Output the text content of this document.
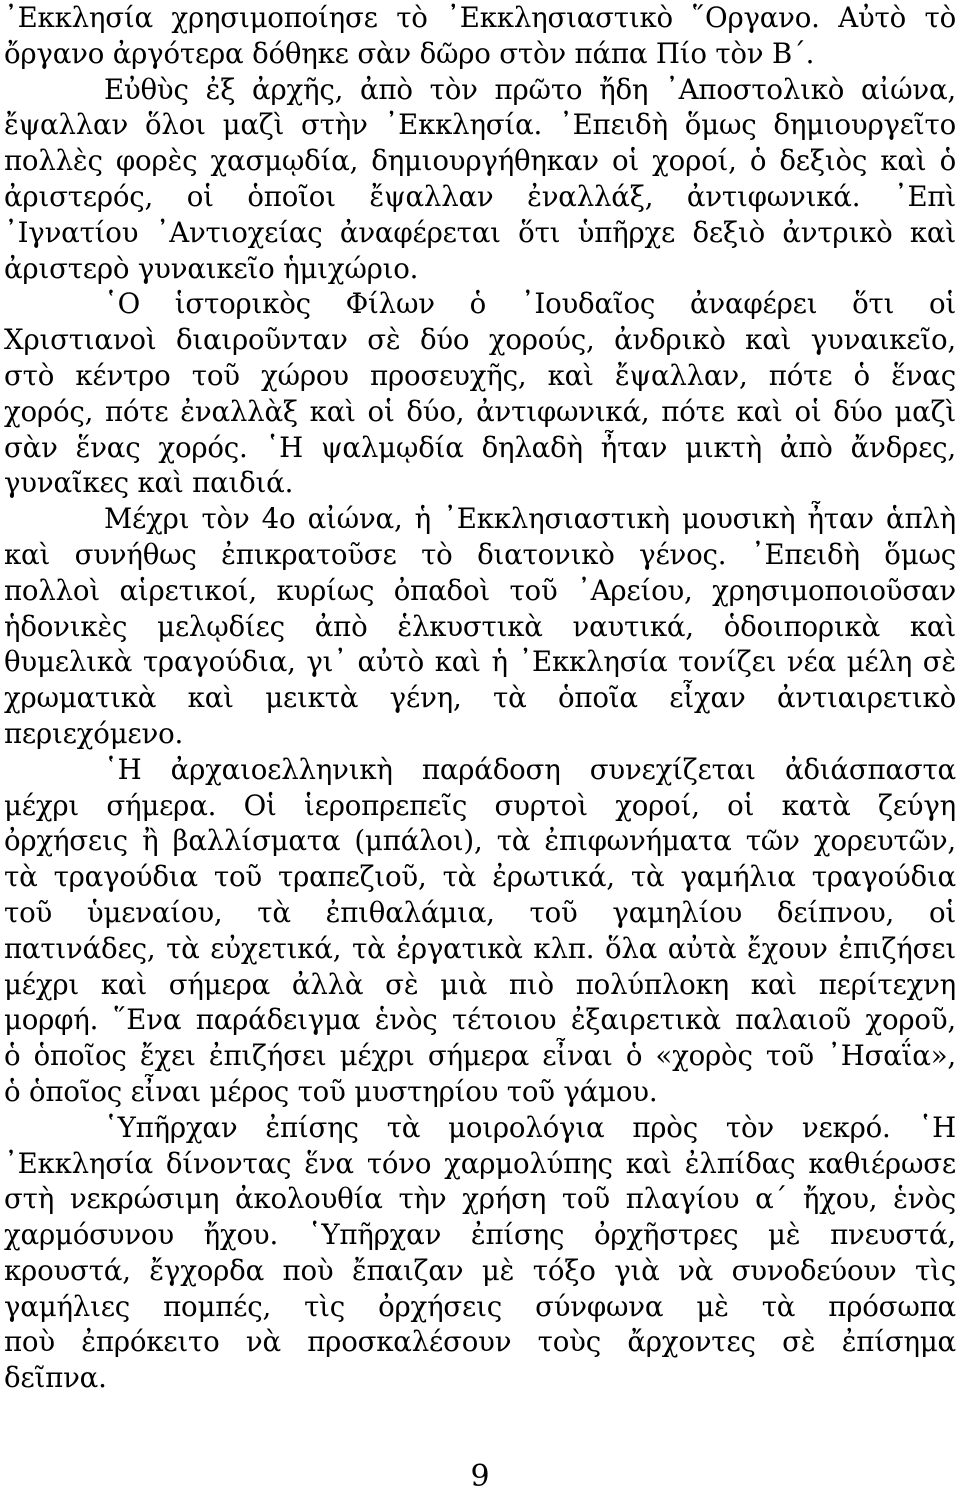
᾿Εκκλησία χρησιμοποίησε τὸ ᾿Εκκλησιαστικὸ ῞Οργανο. Αὐτὸ τὸ
ὄργανο ἀργότερα δόθηκε σὰν δῶρο στὸν πάπα Πίο τὸν Β΄.
Εὐθὺς ἐξ ἀρχῆς, ἀπὸ τὸν πρῶτο ἤδη ᾿Αποστολικὸ αἰώνα,
ἔψαλλαν ὅλοι μαζὶ στὴν ᾿Εκκλησία. ᾿Επειδὴ ὅμως δημιουργεῖτο
πολλὲς φορὲς χασμῳδία, δημιουργήθηκαν οἱ χοροί, ὁ δεξιὸς καὶ ὁ
ἀριστερός, οἱ ὁποῖοι ἔψαλλαν ἐναλλάξ, ἀντιφωνικά. ᾿Επὶ
᾿Ιγνατίου ᾿Αντιοχείας ἀναφέρεται ὅτι ὑπῆρχε δεξιὸ ἀντρικὸ καὶ
ἀριστερὸ γυναικεῖο ἡμιχώριο.
῾Ο ἱστορικὸς Φίλων ὁ ᾿Ιουδαῖος ἀναφέρει ὅτι οἱ
Χριστιανοὶ διαιροῦνταν σὲ δύο χορούς, ἀνδρικὸ καὶ γυναικεῖο,
στὸ κέντρο τοῦ χώρου προσευχῆς, καὶ ἔψαλλαν, πότε ὁ ἕνας
χορός, πότε ἐναλλὰξ καὶ οἱ δύο, ἀντιφωνικά, πότε καὶ οἱ δύο μαζὶ
σὰν ἕνας χορός. ῾Η ψαλμῳδία δηλαδὴ ἦταν μικτὴ ἀπὸ ἄνδρες,
γυναῖκες καὶ παιδιά.
Μέχρι τὸν 4ο αἰώνα, ἡ ᾿Εκκλησιαστικὴ μουσικὴ ἦταν ἁπλὴ
καὶ συνήθως ἐπικρατοῦσε τὸ διατονικὸ γένος. ᾿Επειδὴ ὅμως
πολλοὶ αἱρετικοί, κυρίως ὀπαδοὶ τοῦ ᾿Αρείου, χρησιμοποιοῦσαν
ἡδονικὲς μελῳδίες ἀπὸ ἑλκυστικὰ ναυτικά, ὁδοιπορικὰ καὶ
θυμελικὰ τραγούδια, γι᾿ αὐτὸ καὶ ἡ ᾿Εκκλησία τονίζει νέα μέλη σὲ
χρωματικὰ καὶ μεικτὰ γένη, τὰ ὁποῖα εἶχαν ἀντιαιρετικὸ
περιεχόμενο.
῾Η ἀρχαιοελληνικὴ παράδοση συνεχίζεται ἀδιάσπαστα
μέχρι σήμερα. Οἱ ἱεροπρεπεῖς συρτοὶ χοροί, οἱ κατὰ ζεύγη
ὀρχήσεις ἢ βαλλίσματα (μπάλοι), τὰ ἐπιφωνήματα τῶν χορευτῶν,
τὰ τραγούδια τοῦ τραπεζιοῦ, τὰ ἐρωτικά, τὰ γαμήλια τραγούδια
τοῦ ὑμεναίου, τὰ ἐπιθαλάμια, τοῦ γαμηλίου δείπνου, οἱ
πατινάδες, τὰ εὐχετικά, τὰ ἐργατικὰ κλπ. ὅλα αὐτὰ ἔχουν ἐπιζήσει
μέχρι καὶ σήμερα ἀλλὰ σὲ μιὰ πιὸ πολύπλοκη καὶ περίτεχνη
μορφή. ῞Ενα παράδειγμα ἑνὸς τέτοιου ἐξαιρετικὰ παλαιοῦ χοροῦ,
ὁ ὁποῖος ἔχει ἐπιζήσει μέχρι σήμερα εἶναι ὁ «χορὸς τοῦ ᾿Ησαΐα»,
ὁ ὁποῖος εἶναι μέρος τοῦ μυστηρίου τοῦ γάμου.
῾Υπῆρχαν ἐπίσης τὰ μοιρολόγια πρὸς τὸν νεκρό. ῾Η
᾿Εκκλησία δίνοντας ἕνα τόνο χαρμολύπης καὶ ἐλπίδας καθιέρωσε
στὴ νεκρώσιμη ἀκολουθία τὴν χρήση τοῦ πλαγίου α΄ ἤχου, ἑνὸς
χαρμόσυνου ἤχου. ῾Υπῆρχαν ἐπίσης ὀρχῆστρες μὲ πνευστά,
κρουστά, ἔγχορδα ποὺ ἔπαιζαν μὲ τόξο γιὰ νὰ συνοδεύουν τὶς
γαμήλιες πομπές, τὶς ὀρχήσεις σύνφωνα μὲ τὰ πρόσωπα
ποὺ ἐπρόκειτο νὰ προσκαλέσουν τοὺς ἄρχοντες σὲ ἐπίσημα
δεῖπνα.
9
